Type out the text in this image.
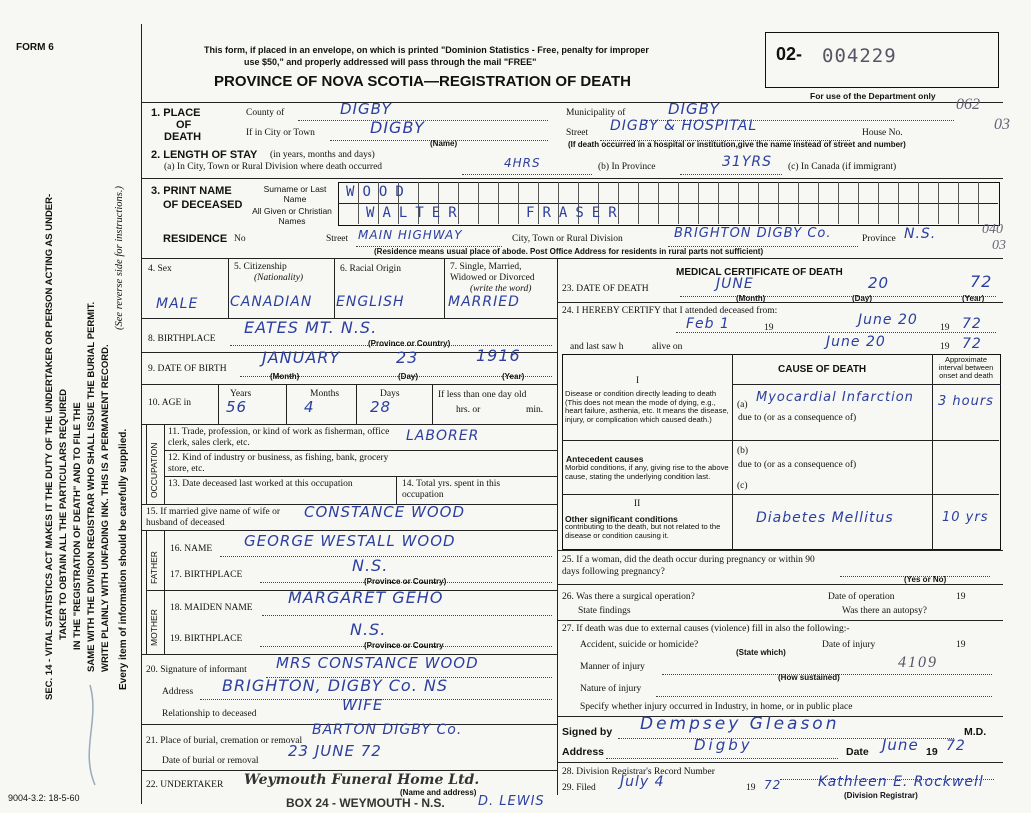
FORM 6
9004-3.2: 18-5-60
SEC. 14 - VITAL STATISTICS ACT MAKES IT THE DUTY OF THE UNDERTAKER OR PERSON ACTING AS UNDER- TAKER TO OBTAIN ALL THE PARTICULARS REQUIRED IN THE "REGISTRATION OF DEATH" AND TO FILE THE SAME WITH THE DIVISION REGISTRAR WHO SHALL ISSUE THE BURIAL PERMIT. WRITE PLAINLY WITH UNFADING INK. THIS IS A PERMANENT RECORD.
(See reverse side for instructions.)
Every item of information should be carefully supplied.
This form, if placed in an envelope, on which is printed "Dominion Statistics - Free, penalty for improper
use $50," and properly addressed will pass through the mail "FREE"
PROVINCE OF NOVA SCOTIA—REGISTRATION OF DEATH
02- 004229
For use of the Department only
1. PLACE
OF
DEATH
County of	DIGBY	Municipality of	DIGBY	062
If in City or Town	DIGBY
(Name)
Street DIGBY & HOSPITAL	House No.	03
(If death occurred in a hospital or institution,give the name instead of street and number)
2. LENGTH OF STAY (in years, months and days)
(a) In City, Town or Rural Division where death occurred	4HRS	(b) In Province	31YRS (c) In Canada (if immigrant)
3. PRINT NAME
OF DECEASED
Surname or Last Name
All Given or Christian Names
WOOD
WALTER	FRASER
RESIDENCE No	Street MAIN HIGHWAY	City, Town or Rural Division	BRIGHTON DIGBY Co.	Province N.S.	040
03
(Residence means usual place of abode. Post Office Address for residents in rural parts not sufficient)
4. Sex	5. Citizenship
(Nationality)
6. Racial Origin	7. Single, Married, Widowed or Divorced
(write the word)
MALE CANADIAN ENGLISH	MARRIED
8. BIRTHPLACE
EATES MT. N.S.
(Province or Country)
9. DATE OF BIRTH
JANUARY	23	1916
(Month)	(Day)	(Year)
10. AGE in
Years	Months	Days
56	4	28
If less than one day old
hrs. or	min.
OCCUPATION
11. Trade, profession, or kind of work as fisherman, office clerk, sales clerk, etc.	LABORER
12. Kind of industry or business, as fishing, bank, grocery store, etc.
13. Date deceased last worked at this occupation	14. Total yrs. spent in this occupation
15. If married give name of wife or husband of deceased
CONSTANCE WOOD
FATHER
16. NAME GEORGE WESTALL WOOD
17. BIRTHPLACE	N.S.
(Province or Country)
MOTHER
18. MAIDEN NAME
MARGARET GEHO
19. BIRTHPLACE	N.S.
(Province or Country
20. Signature of informant MRS CONSTANCE WOOD
Address BRIGHTON, DIGBY Co. NS
Relationship to deceased	WIFE
21. Place of burial, cremation or removal
BARTON DIGBY Co.
Date of burial or removal
23 JUNE 72
22. UNDERTAKER Weymouth Funeral Home Ltd.
(Name and address)
BOX 24 - WEYMOUTH - N.S.	D. LEWIS
MEDICAL CERTIFICATE OF DEATH
23. DATE OF DEATH	JUNE	20	72
(Month)	(Day)	(Year)
24. I HEREBY CERTIFY that I attended deceased from:
Feb 1	19	June 20 19 72
and last saw h	alive on	June 20	19 72
CAUSE OF DEATH
Approximate interval between onset and death
I
Disease or condition directly leading to death (This does not mean the mode of dying, e.g., heart failure, asthenia, etc. It means the disease, injury, or complication which caused death.)
(a) Myocardial Infarction	3 hours
due to (or as a consequence of)
(b)
due to (or as a consequence of)
Antecedent causes
Morbid conditions, if any, giving rise to the above cause, stating the underlying condition last.
(c)
II
Other significant conditions
contributing to the death, but not related to the disease or condition causing it.
Diabetes Mellitus	10 yrs
25. If a woman, did the death occur during pregnancy or within 90 days following pregnancy?
(Yes or No)
26. Was there a surgical operation?	Date of operation	19
State findings	Was there an autopsy?
27. If death was due to external causes (violence) fill in also the following:-
Accident, suicide or homicide?
(State which)
Date of injury	19
Manner of injury	4109
(How sustained)
Nature of injury
Specify whether injury occurred in Industry, in home, or in public place
Signed by Dempsey Gleason	M.D.
Address	Digby	Date June 19 72
28. Division Registrar's Record Number
29. Filed July 4	19 72	Kathleen E. Rockwell
(Division Registrar)
